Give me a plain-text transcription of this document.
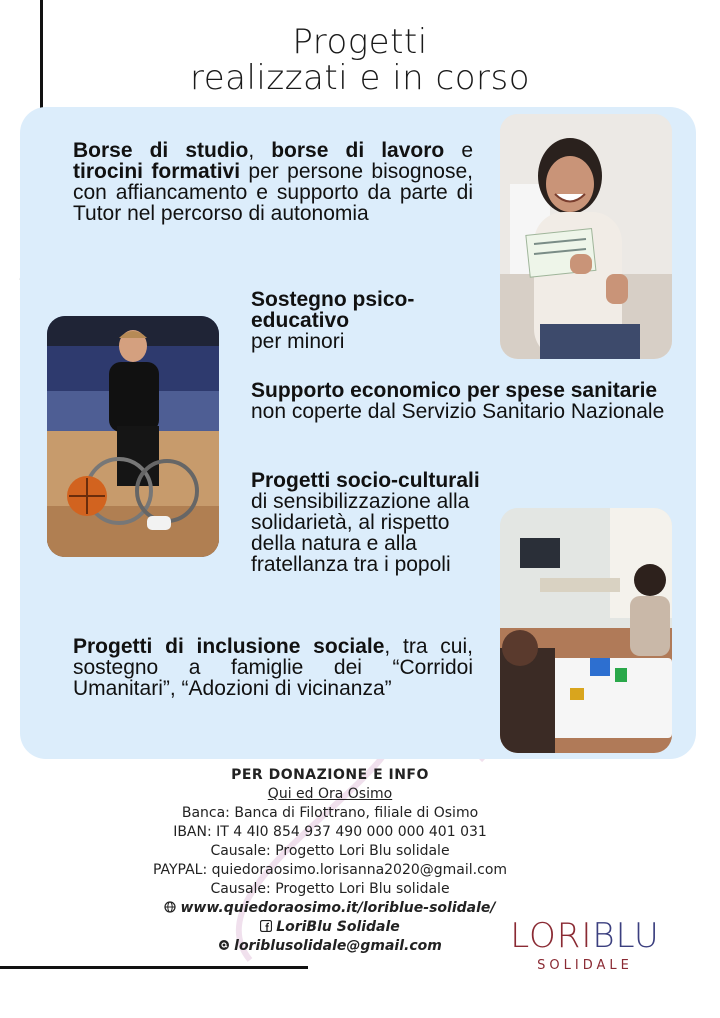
Progetti
realizzati e in corso
Borse di studio, borse di lavoro e tirocini formativi per persone bisognose, con affiancamento e supporto da parte di Tutor nel percorso di autonomia
Sostegno psico-educativo
per minori
Supporto economico per spese sanitarie non coperte dal Servizio Sanitario Nazionale
Progetti socio-culturali di sensibilizzazione alla solidarietà, al rispetto della natura e alla fratellanza tra i popoli
Progetti di inclusione sociale, tra cui, sostegno a famiglie dei “Corridoi Umanitari”, “Adozioni di vicinanza”
PER DONAZIONE E INFO
Qui ed Ora Osimo
Banca: Banca di Filottrano, filiale di Osimo
IBAN: IT 4 4I0 854 937 490 000 000 401 031
Causale: Progetto Lori Blu solidale
PAYPAL: quiedoraosimo.lorisanna2020@gmail.com
Causale: Progetto Lori Blu solidale
www.quiedoraosimo.it/loriblue-solidale/
LoriBlu Solidale
loriblusolidale@gmail.com	LORIBLU
SOLIDALE
